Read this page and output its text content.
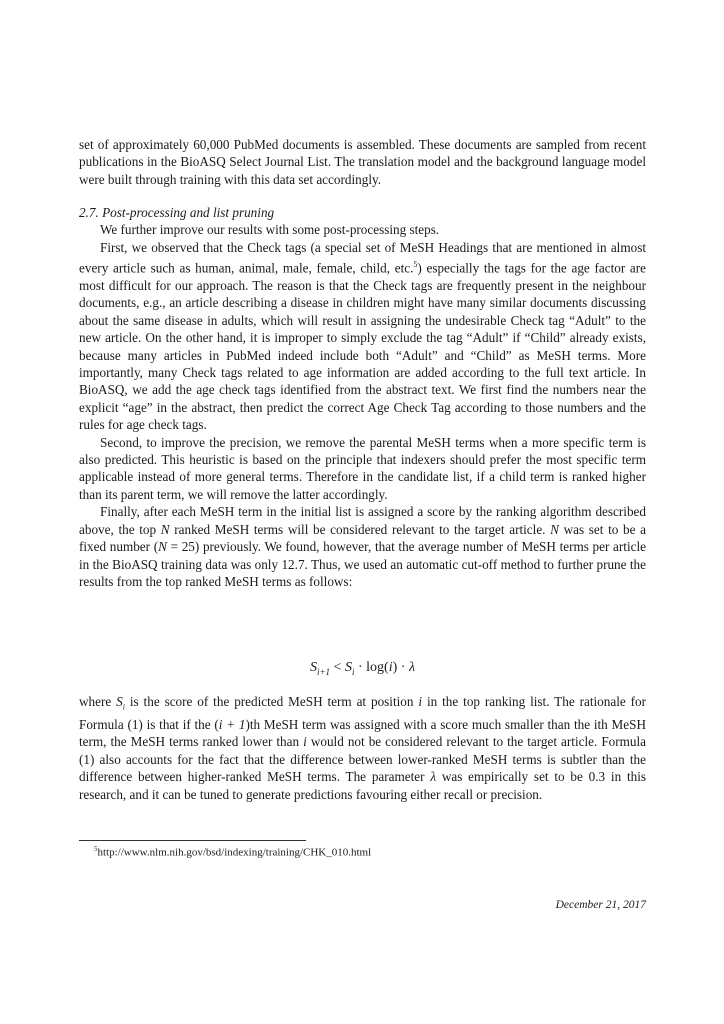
set of approximately 60,000 PubMed documents is assembled. These documents are sampled from recent publications in the BioASQ Select Journal List. The translation model and the background language model were built through training with this data set accordingly.

2.7. Post-processing and list pruning

We further improve our results with some post-processing steps.

First, we observed that the Check tags (a special set of MeSH Headings that are mentioned in almost every article such as human, animal, male, female, child, etc.$^5$) especially the tags for the age factor are most difficult for our approach. The reason is that the Check tags are frequently present in the neighbour documents, e.g., an article describing a disease in children might have many similar documents discussing about the same disease in adults, which will result in assigning the undesirable Check tag “Adult” to the new article. On the other hand, it is improper to simply exclude the tag “Adult” if “Child” already exists, because many articles in PubMed indeed include both “Adult” and “Child” as MeSH terms. More importantly, many Check tags related to age information are added according to the full text article. In BioASQ, we add the age check tags identified from the abstract text. We first find the numbers near the explicit “age” in the abstract, then predict the correct Age Check Tag according to those numbers and the rules for age check tags.

Second, to improve the precision, we remove the parental MeSH terms when a more specific term is also predicted. This heuristic is based on the principle that indexers should prefer the most specific term applicable instead of more general terms. Therefore in the candidate list, if a child term is ranked higher than its parent term, we will remove the latter accordingly.

Finally, after each MeSH term in the initial list is assigned a score by the ranking algorithm described above, the top N ranked MeSH terms will be considered relevant to the target article. N was set to be a fixed number (N = 25) previously. We found, however, that the average number of MeSH terms per article in the BioASQ training data was only 12.7. Thus, we used an automatic cut-off method to further prune the results from the top ranked MeSH terms as follows:

$S_{i+1} < S_i \cdot \log(i) \cdot \lambda$

where $S_i$ is the score of the predicted MeSH term at position i in the top ranking list. The rationale for Formula (1) is that if the (i + 1)th MeSH term was assigned with a score much smaller than the ith MeSH term, the MeSH terms ranked lower than i would not be considered relevant to the target article. Formula (1) also accounts for the fact that the difference between lower-ranked MeSH terms is subtler than the difference between higher-ranked MeSH terms. The parameter λ was empirically set to be 0.3 in this research, and it can be tuned to generate predictions favouring either recall or precision.

$^5$http://www.nlm.nih.gov/bsd/indexing/training/CHK_010.html
December 21, 2017
